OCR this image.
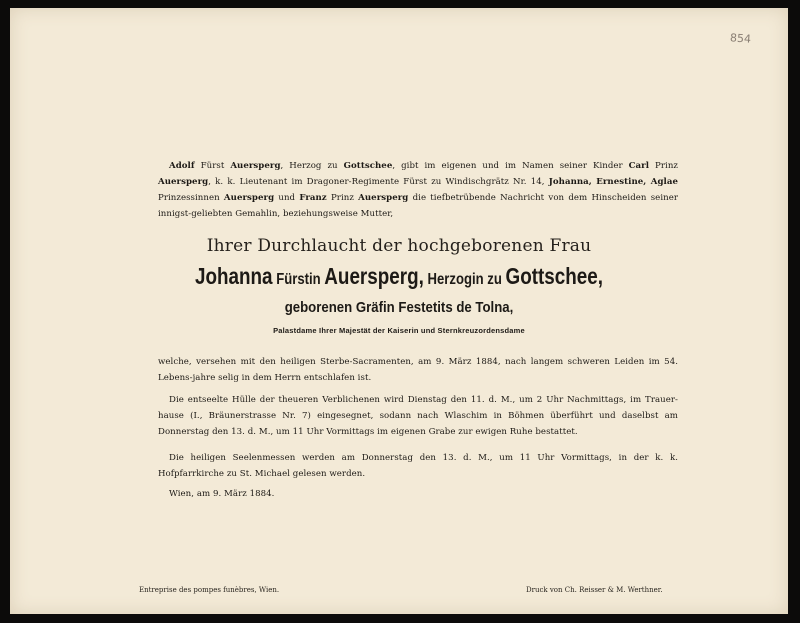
854

Adolf Fürst Auersperg, Herzog zu Gottschee, gibt im eigenen und im Namen seiner Kinder Carl Prinz Auersperg, k. k. Lieutenant im Dragoner-Regimente Fürst zu Windischgrätz Nr. 14, Johanna, Ernestine, Aglae Prinzessinnen Auersperg und Franz Prinz Auersperg die tiefbetrübende Nachricht von dem Hinscheiden seiner innigst-geliebten Gemahlin, beziehungsweise Mutter,

Ihrer Durchlaucht der hochgeborenen Frau
Johanna Fürstin Auersperg, Herzogin zu Gottschee,
geborenen Gräfin Festetits de Tolna,
Palastdame Ihrer Majestät der Kaiserin und Sternkreuzordensdame

welche, versehen mit den heiligen Sterbe-Sacramenten, am 9. März 1884, nach langem schweren Leiden im 54. Lebens-jahre selig in dem Herrn entschlafen ist.

Die entseelte Hülle der theueren Verblichenen wird Dienstag den 11. d. M., um 2 Uhr Nachmittags, im Trauer-hause (I., Bräunerstrasse Nr. 7) eingesegnet, sodann nach Wlaschim in Böhmen überführt und daselbst am Donnerstag den 13. d. M., um 11 Uhr Vormittags im eigenen Grabe zur ewigen Ruhe bestattet.

Die heiligen Seelenmessen werden am Donnerstag den 13. d. M., um 11 Uhr Vormittags, in der k. k. Hofpfarrkirche zu St. Michael gelesen werden.

Wien, am 9. März 1884.

Entreprise des pompes funèbres, Wien.	Druck von Ch. Reisser & M. Werthner.
